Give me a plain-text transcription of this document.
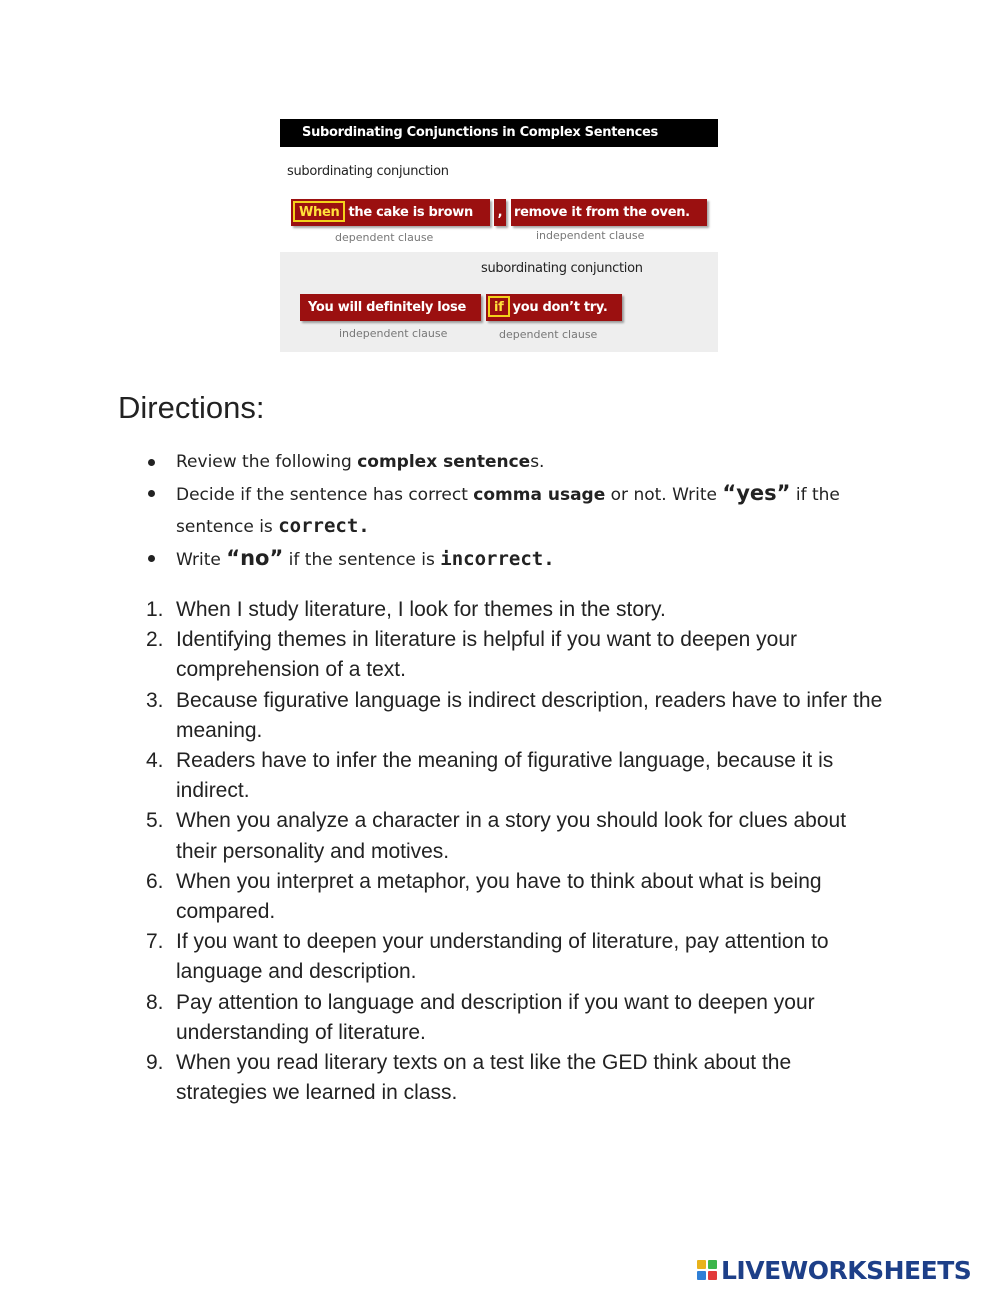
Subordinating Conjunctions in Complex Sentences
subordinating conjunction
When the cake is brown	, remove it from the oven.
dependent clause	independent clause
subordinating conjunction
You will definitely lose	if you don’t try.
independent clause	dependent clause
Directions:
Review the following complex sentences.
Decide if the sentence has correct comma usage or not. Write “yes” if the sentence is correct.
Write “no” if the sentence is incorrect.
1. When I study literature, I look for themes in the story.
2. Identifying themes in literature is helpful if you want to deepen your comprehension of a text.
3. Because figurative language is indirect description, readers have to infer the meaning.
4. Readers have to infer the meaning of figurative language, because it is indirect.
5. When you analyze a character in a story you should look for clues about their personality and motives.
6. When you interpret a metaphor, you have to think about what is being compared.
7. If you want to deepen your understanding of literature, pay attention to language and description.
8. Pay attention to language and description if you want to deepen your understanding of literature.
9. When you read literary texts on a test like the GED think about the strategies we learned in class.
LIVEWORKSHEETS
